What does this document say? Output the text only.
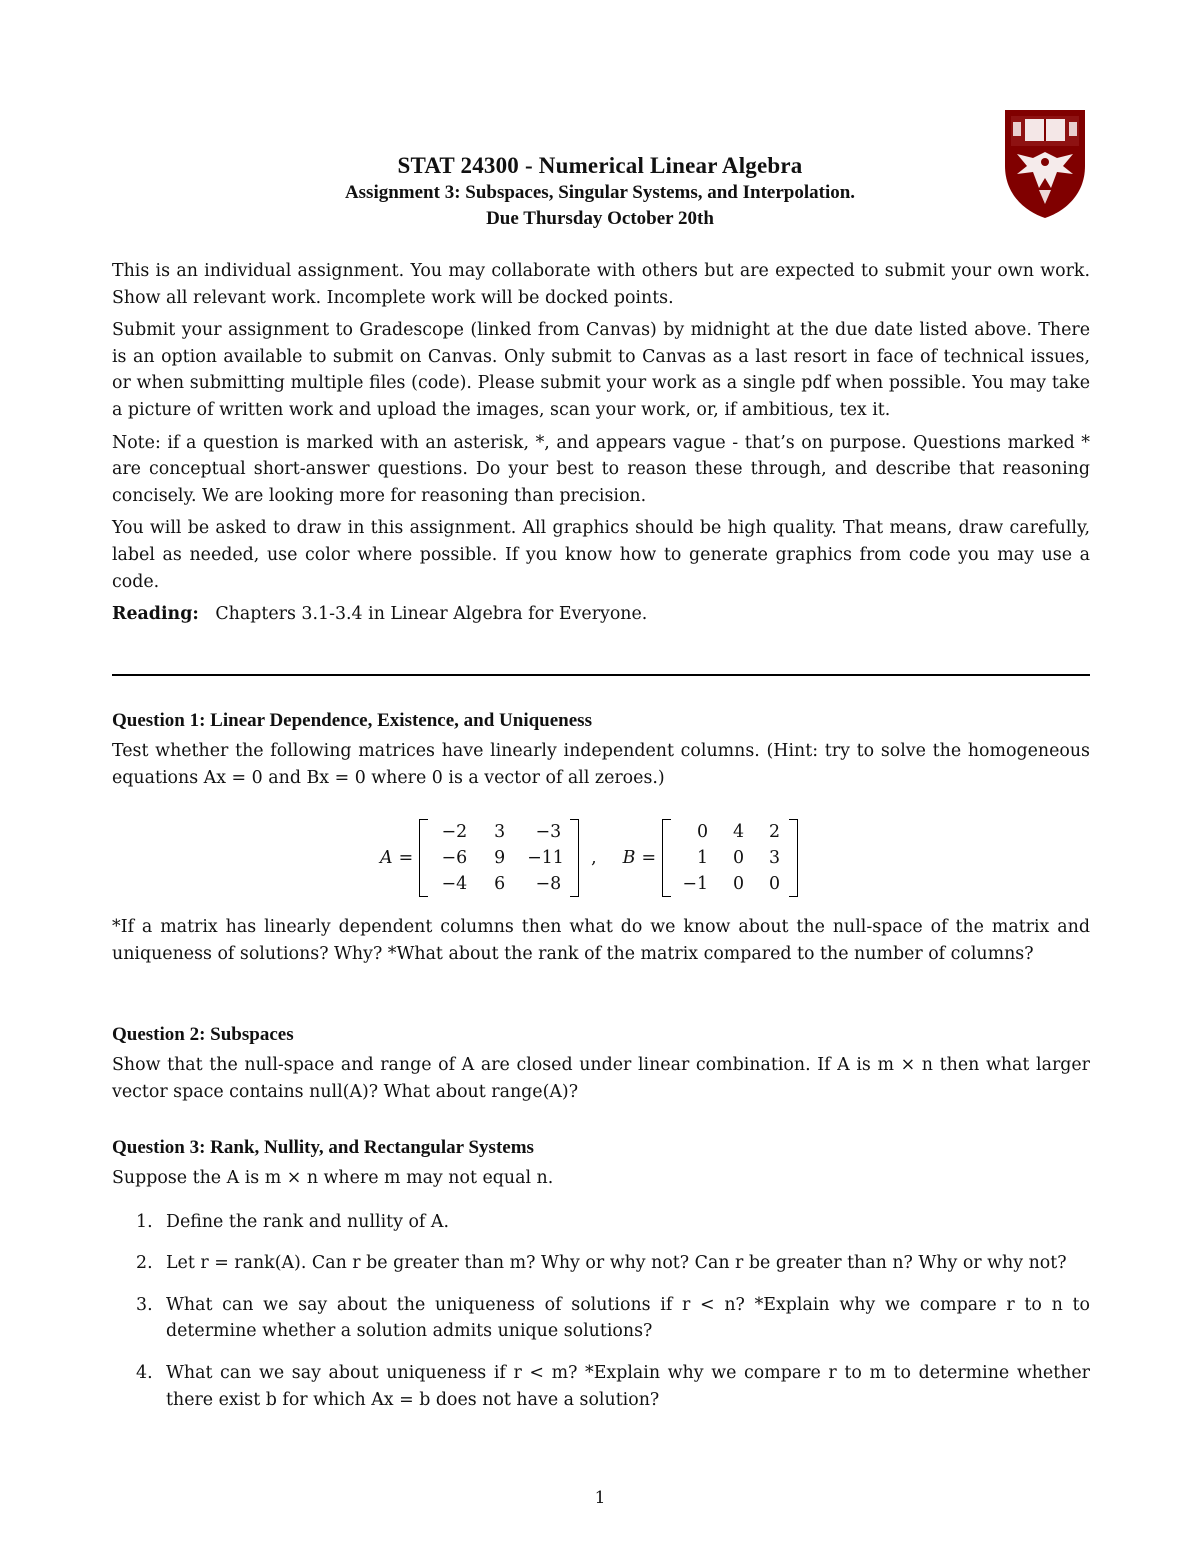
STAT 24300 - Numerical Linear Algebra
Assignment 3: Subspaces, Singular Systems, and Interpolation.
Due Thursday October 20th

This is an individual assignment. You may collaborate with others but are expected to submit your own work. Show all relevant work. Incomplete work will be docked points.

Submit your assignment to Gradescope (linked from Canvas) by midnight at the due date listed above. There is an option available to submit on Canvas. Only submit to Canvas as a last resort in face of technical issues, or when submitting multiple files (code). Please submit your work as a single pdf when possible. You may take a picture of written work and upload the images, scan your work, or, if ambitious, tex it.

Note: if a question is marked with an asterisk, *, and appears vague - that’s on purpose. Questions marked * are conceptual short-answer questions. Do your best to reason these through, and describe that reasoning concisely. We are looking more for reasoning than precision.

You will be asked to draw in this assignment. All graphics should be high quality. That means, draw carefully, label as needed, use color where possible. If you know how to generate graphics from code you may use a code.

Reading: Chapters 3.1-3.4 in Linear Algebra for Everyone.

Question 1: Linear Dependence, Existence, and Uniqueness

Test whether the following matrices have linearly independent columns. (Hint: try to solve the homogeneous equations Ax = 0 and Bx = 0 where 0 is a vector of all zeroes.)

A =
−2 3	−3
−6 9 −11
−4 6	−8
, B =
0 4 2
1 0 3
−1 0 0

*If a matrix has linearly dependent columns then what do we know about the null-space of the matrix and uniqueness of solutions? Why? *What about the rank of the matrix compared to the number of columns?

Question 2: Subspaces

Show that the null-space and range of A are closed under linear combination. If A is m × n then what larger vector space contains null(A)? What about range(A)?

Question 3: Rank, Nullity, and Rectangular Systems

Suppose the A is m × n where m may not equal n.

1. Define the rank and nullity of A.
2. Let r = rank(A). Can r be greater than m? Why or why not? Can r be greater than n? Why or why not?
3. What can we say about the uniqueness of solutions if r < n? *Explain why we compare r to n to determine whether a solution admits unique solutions?
4. What can we say about uniqueness if r < m? *Explain why we compare r to m to determine whether there exist b for which Ax = b does not have a solution?
1
